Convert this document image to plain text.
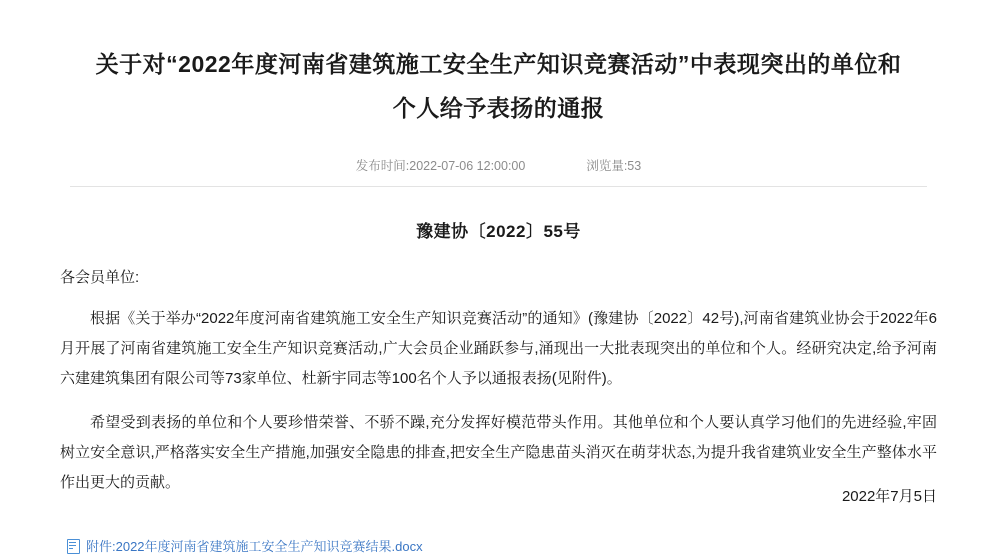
关于对“2022年度河南省建筑施工安全生产知识竞赛活动”中表现突出的单位和个人给予表扬的通报
发布时间:2022-07-06 12:00:00	浏览量:53
豫建协〔2022〕55号

各会员单位:

根据《关于举办“2022年度河南省建筑施工安全生产知识竞赛活动”的通知》(豫建协〔2022〕42号),河南省建筑业协会于2022年6月开展了河南省建筑施工安全生产知识竞赛活动,广大会员企业踊跃参与,涌现出一大批表现突出的单位和个人。经研究决定,给予河南六建建筑集团有限公司等73家单位、杜新宇同志等100名个人予以通报表扬(见附件)。

希望受到表扬的单位和个人要珍惜荣誉、不骄不躁,充分发挥好模范带头作用。其他单位和个人要认真学习他们的先进经验,牢固树立安全意识,严格落实安全生产措施,加强安全隐患的排查,把安全生产隐患苗头消灭在萌芽状态,为提升我省建筑业安全生产整体水平作出更大的贡献。

附件:2022年度河南省建筑施工安全生产知识竞赛结果.docx
2022年7月5日
